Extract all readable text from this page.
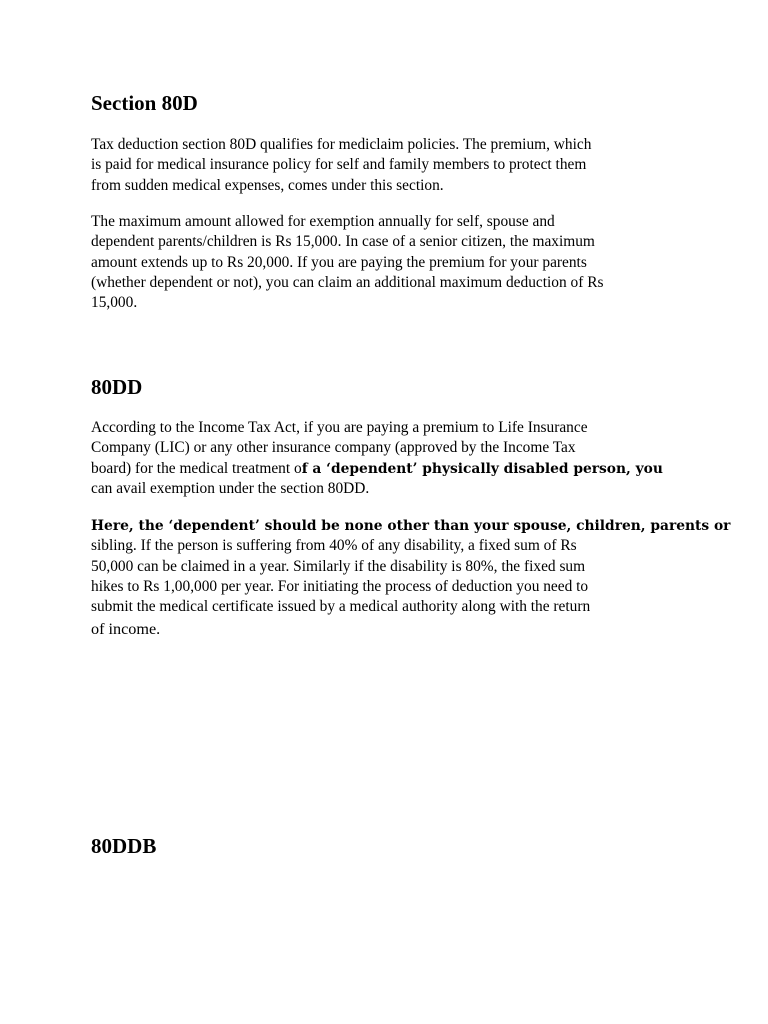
Section 80D

Tax deduction section 80D qualifies for mediclaim policies. The premium, which
is paid for medical insurance policy for self and family members to protect them
from sudden medical expenses, comes under this section.

The maximum amount allowed for exemption annually for self, spouse and
dependent parents/children is Rs 15,000. In case of a senior citizen, the maximum
amount extends up to Rs 20,000. If you are paying the premium for your parents
(whether dependent or not), you can claim an additional maximum deduction of Rs
15,000.

80DD

According to the Income Tax Act, if you are paying a premium to Life Insurance
Company (LIC) or any other insurance company (approved by the Income Tax
board) for the medical treatment of a ‘dependent’ physically disabled person, you
can avail exemption under the section 80DD.

Here, the ‘dependent’ should be none other than your spouse, children, parents or
sibling. If the person is suffering from 40% of any disability, a fixed sum of Rs
50,000 can be claimed in a year. Similarly if the disability is 80%, the fixed sum
hikes to Rs 1,00,000 per year. For initiating the process of deduction you need to
submit the medical certificate issued by a medical authority along with the return
of income.

80DDB
